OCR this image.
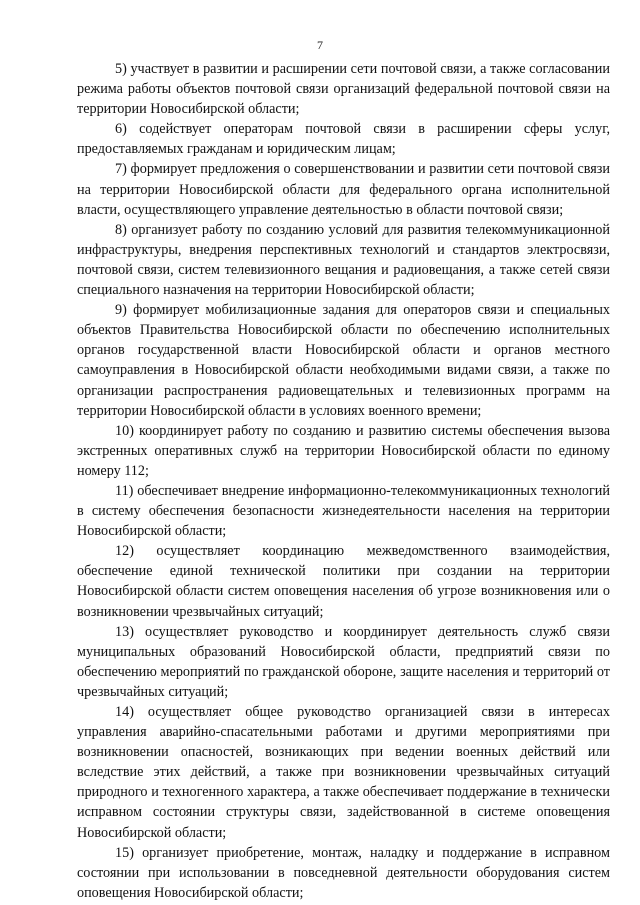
7

5) участвует в развитии и расширении сети почтовой связи, а также согласовании режима работы объектов почтовой связи организаций федеральной почтовой связи на территории Новосибирской области;

6) содействует операторам почтовой связи в расширении сферы услуг, предоставляемых гражданам и юридическим лицам;

7) формирует предложения о совершенствовании и развитии сети почтовой связи на территории Новосибирской области для федерального органа исполнительной власти, осуществляющего управление деятельностью в области почтовой связи;

8) организует работу по созданию условий для развития телекоммуникационной инфраструктуры, внедрения перспективных технологий и стандартов электросвязи, почтовой связи, систем телевизионного вещания и радиовещания, а также сетей связи специального назначения на территории Новосибирской области;

9) формирует мобилизационные задания для операторов связи и специальных объектов Правительства Новосибирской области по обеспечению исполнительных органов государственной власти Новосибирской области и органов местного самоуправления в Новосибирской области необходимыми видами связи, а также по организации распространения радиовещательных и телевизионных программ на территории Новосибирской области в условиях военного времени;

10) координирует работу по созданию и развитию системы обеспечения вызова экстренных оперативных служб на территории Новосибирской области по единому номеру 112;

11) обеспечивает внедрение информационно-телекоммуникационных технологий в систему обеспечения безопасности жизнедеятельности населения на территории Новосибирской области;

12) осуществляет координацию межведомственного взаимодействия, обеспечение единой технической политики при создании на территории Новосибирской области систем оповещения населения об угрозе возникновения или о возникновении чрезвычайных ситуаций;

13) осуществляет руководство и координирует деятельность служб связи муниципальных образований Новосибирской области, предприятий связи по обеспечению мероприятий по гражданской обороне, защите населения и территорий от чрезвычайных ситуаций;

14) осуществляет общее руководство организацией связи в интересах управления аварийно-спасательными работами и другими мероприятиями при возникновении опасностей, возникающих при ведении военных действий или вследствие этих действий, а также при возникновении чрезвычайных ситуаций природного и техногенного характера, а также обеспечивает поддержание в технически исправном состоянии структуры связи, задействованной в системе оповещения Новосибирской области;

15) организует приобретение, монтаж, наладку и поддержание в исправном состоянии при использовании в повседневной деятельности оборудования систем оповещения Новосибирской области;
